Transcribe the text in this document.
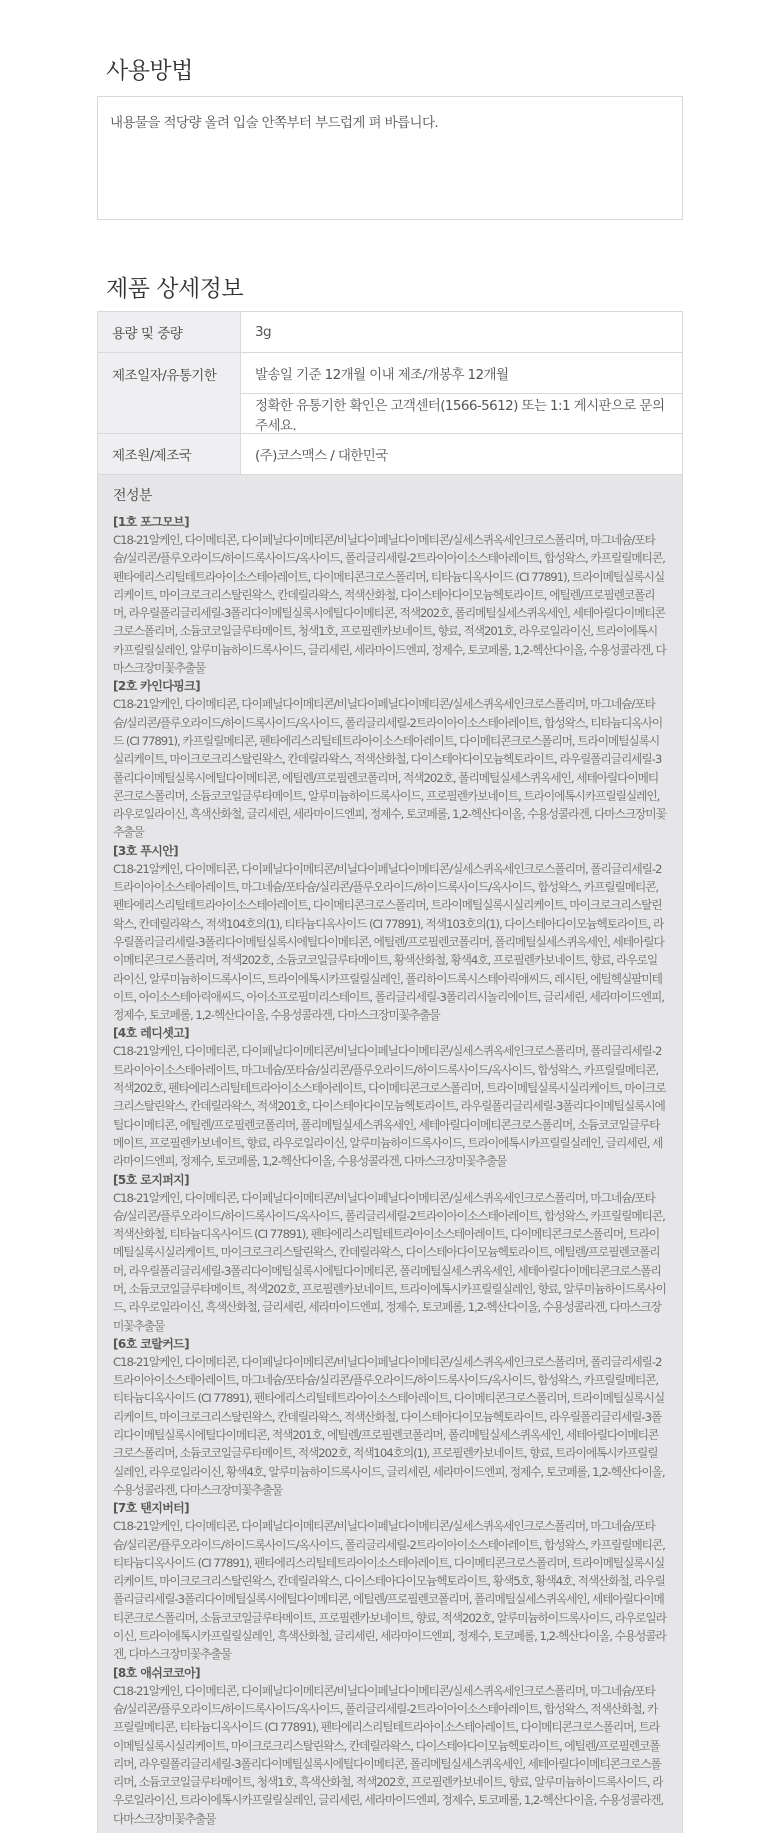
사용방법

내용물을 적당량 올려 입술 안쪽부터 부드럽게 펴 바릅니다.

제품 상세정보
용량 및 중량	3g
제조일자/유통기한	발송일 기준 12개월 이내 제조/개봉후 12개월
정확한 유통기한 확인은 고객센터(1566-5612) 또는 1:1 게시판으로 문의주세요.
제조원/제조국	(주)코스맥스 / 대한민국
전성분
[1호 포그모브]
C18-21알케인, 다이메티콘, 다이페닐다이메티콘/비닐다이페닐다이메티콘/실세스퀴옥세인크로스폴리머, 마그네슘/포타슘/실리콘/플루오라이드/하이드록사이드/옥사이드, 폴리글리세릴-2트라이아이소스테아레이트, 합성왁스, 카프릴릴메티콘, 펜타에리스리틸테트라아이소스테아레이트, 다이메티콘크로스폴리머, 티타늄디옥사이드 (CI 77891), 트라이메틸실록시실리케이트, 마이크로크리스탈린왁스, 칸데릴라왁스, 적색산화철, 다이스테아다이모늄헥토라이트, 에틸렌/프로필렌코폴리머, 라우릴폴리글리세릴-3폴리다이메틸실록시에틸다이메티콘, 적색202호, 폴리메틸실세스퀴옥세인, 세테아릴다이메티콘크로스폴리머, 소듐코코일글루타메이트, 청색1호, 프로필렌카보네이트, 향료, 적색201호, 라우로일라이신, 트라이에톡시카프릴릴실레인, 알루미늄하이드록사이드, 글리세린, 세라마이드엔피, 정제수, 토코페롤, 1,2-헥산다이올, 수용성콜라겐, 다마스크장미꽃추출물
[2호 카인다핑크]
C18-21알케인, 다이메티콘, 다이페닐다이메티콘/비닐다이페닐다이메티콘/실세스퀴옥세인크로스폴리머, 마그네슘/포타슘/실리콘/플루오라이드/하이드록사이드/옥사이드, 폴리글리세릴-2트라이아이소스테아레이트, 합성왁스, 티타늄디옥사이드 (CI 77891), 카프릴릴메티콘, 펜타에리스리틸테트라아이소스테아레이트, 다이메티콘크로스폴리머, 트라이메틸실록시실리케이트, 마이크로크리스탈린왁스, 칸데릴라왁스, 적색산화철, 다이스테아다이모늄헥토라이트, 라우릴폴리글리세릴-3폴리다이메틸실록시에틸다이메티콘, 에틸렌/프로필렌코폴리머, 적색202호, 폴리메틸실세스퀴옥세인, 세테아릴다이메티콘크로스폴리머, 소듐코코일글루타메이트, 알루미늄하이드록사이드, 프로필렌카보네이트, 트라이에톡시카프릴릴실레인, 라우로일라이신, 흑색산화철, 글리세린, 세라마이드엔피, 정제수, 토코페롤, 1,2-헥산다이올, 수용성콜라겐, 다마스크장미꽃추출물
[3호 푸시안]
C18-21알케인, 다이메티콘, 다이페닐다이메티콘/비닐다이페닐다이메티콘/실세스퀴옥세인크로스폴리머, 폴리글리세릴-2트라이아이소스테아레이트, 마그네슘/포타슘/실리콘/플루오라이드/하이드록사이드/옥사이드, 합성왁스, 카프릴릴메티콘, 펜타에리스리틸테트라아이소스테아레이트, 다이메티콘크로스폴리머, 트라이메틸실록시실리케이트, 마이크로크리스탈린왁스, 칸데릴라왁스, 적색104호의(1), 티타늄디옥사이드 (CI 77891), 적색103호의(1), 다이스테아다이모늄헥토라이트, 라우릴폴리글리세릴-3폴리다이메틸실록시에틸다이메티콘, 에틸렌/프로필렌코폴리머, 폴리메틸실세스퀴옥세인, 세테아릴다이메티콘크로스폴리머, 적색202호, 소듐코코일글루타메이트, 황색산화철, 황색4호, 프로필렌카보네이트, 향료, 라우로일라이신, 알루미늄하이드록사이드, 트라이에톡시카프릴릴실레인, 폴리하이드록시스테아릭애씨드, 레시틴, 에틸헥실팔미테이트, 아이소스테아릭애씨드, 아이소프로필미리스테이트, 폴리글리세릴-3폴리리시놀리에이트, 글리세린, 세라마이드엔피, 정제수, 토코페롤, 1,2-헥산다이올, 수용성콜라겐, 다마스크장미꽃추출물
[4호 레디셋고]
C18-21알케인, 다이메티콘, 다이페닐다이메티콘/비닐다이페닐다이메티콘/실세스퀴옥세인크로스폴리머, 폴리글리세릴-2트라이아이소스테아레이트, 마그네슘/포타슘/실리콘/플루오라이드/하이드록사이드/옥사이드, 합성왁스, 카프릴릴메티콘, 적색202호, 펜타에리스리틸테트라아이소스테아레이트, 다이메티콘크로스폴리머, 트라이메틸실록시실리케이트, 마이크로크리스탈린왁스, 칸데릴라왁스, 적색201호, 다이스테아다이모늄헥토라이트, 라우릴폴리글리세릴-3폴리다이메틸실록시에틸다이메티콘, 에틸렌/프로필렌코폴리머, 폴리메틸실세스퀴옥세인, 세테아릴다이메티콘크로스폴리머, 소듐코코일글루타메이트, 프로필렌카보네이트, 향료, 라우로일라이신, 알루미늄하이드록사이드, 트라이에톡시카프릴릴실레인, 글리세린, 세라마이드엔피, 정제수, 토코페롤, 1,2-헥산다이올, 수용성콜라겐, 다마스크장미꽃추출물
[5호 로지퍼지]
C18-21알케인, 다이메티콘, 다이페닐다이메티콘/비닐다이페닐다이메티콘/실세스퀴옥세인크로스폴리머, 마그네슘/포타슘/실리콘/플루오라이드/하이드록사이드/옥사이드, 폴리글리세릴-2트라이아이소스테아레이트, 합성왁스, 카프릴릴메티콘, 적색산화철, 티타늄디옥사이드 (CI 77891), 펜타에리스리틸테트라아이소스테아레이트, 다이메티콘크로스폴리머, 트라이메틸실록시실리케이트, 마이크로크리스탈린왁스, 칸데릴라왁스, 다이스테아다이모늄헥토라이트, 에틸렌/프로필렌코폴리머, 라우릴폴리글리세릴-3폴리다이메틸실록시에틸다이메티콘, 폴리메틸실세스퀴옥세인, 세테아릴다이메티콘크로스폴리머, 소듐코코일글루타메이트, 적색202호, 프로필렌카보네이트, 트라이에톡시카프릴릴실레인, 향료, 알루미늄하이드록사이드, 라우로일라이신, 흑색산화철, 글리세린, 세라마이드엔피, 정제수, 토코페롤, 1,2-헥산다이올, 수용성콜라겐, 다마스크장미꽃추출물
[6호 코랄커드]
C18-21알케인, 다이메티콘, 다이페닐다이메티콘/비닐다이페닐다이메티콘/실세스퀴옥세인크로스폴리머, 폴리글리세릴-2트라이아이소스테아레이트, 마그네슘/포타슘/실리콘/플루오라이드/하이드록사이드/옥사이드, 합성왁스, 카프릴릴메티콘, 티타늄디옥사이드 (CI 77891), 펜타에리스리틸테트라아이소스테아레이트, 다이메티콘크로스폴리머, 트라이메틸실록시실리케이트, 마이크로크리스탈린왁스, 칸데릴라왁스, 적색산화철, 다이스테아다이모늄헥토라이트, 라우릴폴리글리세릴-3폴리다이메틸실록시에틸다이메티콘, 적색201호, 에틸렌/프로필렌코폴리머, 폴리메틸실세스퀴옥세인, 세테아릴다이메티콘크로스폴리머, 소듐코코일글루타메이트, 적색202호, 적색104호의(1), 프로필렌카보네이트, 향료, 트라이에톡시카프릴릴실레인, 라우로일라이신, 황색4호, 알루미늄하이드록사이드, 글리세린, 세라마이드엔피, 정제수, 토코페롤, 1,2-헥산다이올, 수용성콜라겐, 다마스크장미꽃추출물
[7호 탠지버터]
C18-21알케인, 다이메티콘, 다이페닐다이메티콘/비닐다이페닐다이메티콘/실세스퀴옥세인크로스폴리머, 마그네슘/포타슘/실리콘/플루오라이드/하이드록사이드/옥사이드, 폴리글리세릴-2트라이아이소스테아레이트, 합성왁스, 카프릴릴메티콘, 티타늄디옥사이드 (CI 77891), 펜타에리스리틸테트라아이소스테아레이트, 다이메티콘크로스폴리머, 트라이메틸실록시실리케이트, 마이크로크리스탈린왁스, 칸데릴라왁스, 다이스테아다이모늄헥토라이트, 황색5호, 황색4호, 적색산화철, 라우릴폴리글리세릴-3폴리다이메틸실록시에틸다이메티콘, 에틸렌/프로필렌코폴리머, 폴리메틸실세스퀴옥세인, 세테아릴다이메티콘크로스폴리머, 소듐코코일글루타메이트, 프로필렌카보네이트, 향료, 적색202호, 알루미늄하이드록사이드, 라우로일라이신, 트라이에톡시카프릴릴실레인, 흑색산화철, 글리세린, 세라마이드엔피, 정제수, 토코페롤, 1,2-헥산다이올, 수용성콜라겐, 다마스크장미꽃추출물
[8호 애쉬코코아]
C18-21알케인, 다이메티콘, 다이페닐다이메티콘/비닐다이페닐다이메티콘/실세스퀴옥세인크로스폴리머, 마그네슘/포타슘/실리콘/플루오라이드/하이드록사이드/옥사이드, 폴리글리세릴-2트라이아이소스테아레이트, 합성왁스, 적색산화철, 카프릴릴메티콘, 티타늄디옥사이드 (CI 77891), 펜타에리스리틸테트라아이소스테아레이트, 다이메티콘크로스폴리머, 트라이메틸실록시실리케이트, 마이크로크리스탈린왁스, 칸데릴라왁스, 다이스테아다이모늄헥토라이트, 에틸렌/프로필렌코폴리머, 라우릴폴리글리세릴-3폴리다이메틸실록시에틸다이메티콘, 폴리메틸실세스퀴옥세인, 세테아릴다이메티콘크로스폴리머, 소듐코코일글루타메이트, 청색1호, 흑색산화철, 적색202호, 프로필렌카보네이트, 향료, 알루미늄하이드록사이드, 라우로일라이신, 트라이에톡시카프릴릴실레인, 글리세린, 세라마이드엔피, 정제수, 토코페롤, 1,2-헥산다이올, 수용성콜라겐, 다마스크장미꽃추출물
